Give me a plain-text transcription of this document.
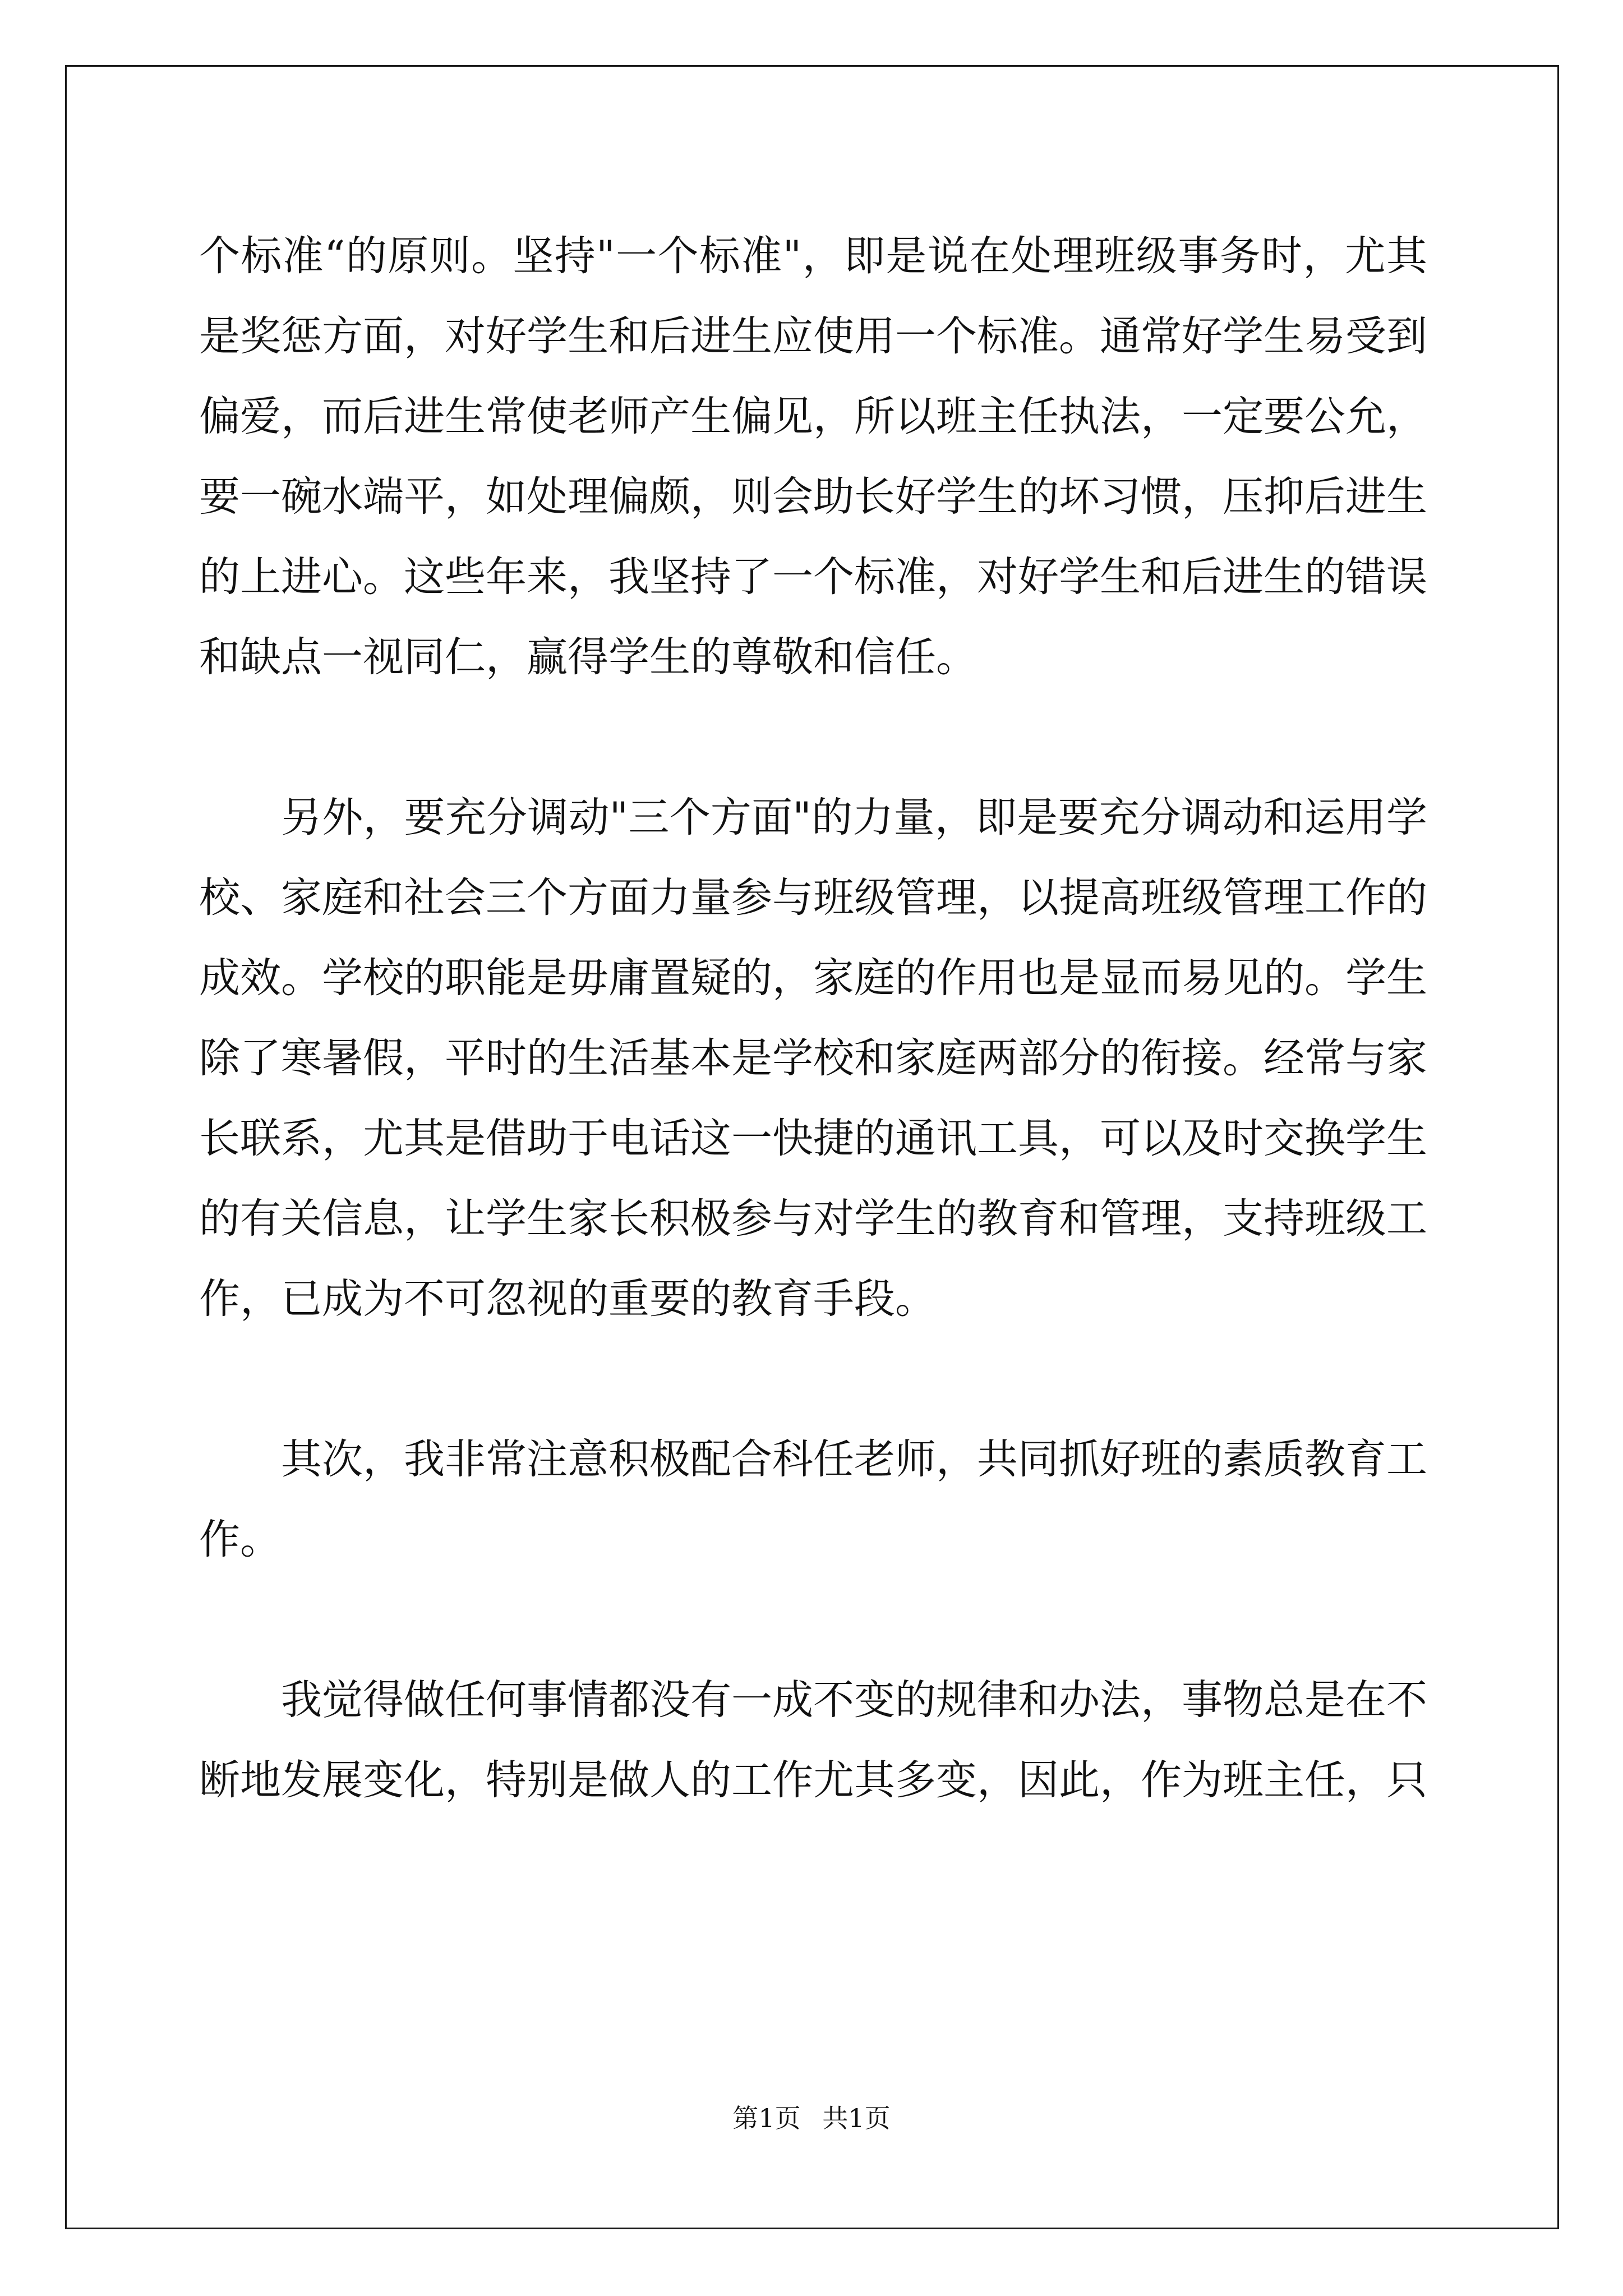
个标准“的原则。坚持"一个标准"，即是说在处理班级事务时，尤其
是奖惩方面，对好学生和后进生应使用一个标准。通常好学生易受到
偏爱，而后进生常使老师产生偏见，所以班主任执法，一定要公允，
要一碗水端平，如处理偏颇，则会助长好学生的坏习惯，压抑后进生
的上进心。这些年来，我坚持了一个标准，对好学生和后进生的错误
和缺点一视同仁，赢得学生的尊敬和信任。
另外，要充分调动"三个方面"的力量，即是要充分调动和运用学
校、家庭和社会三个方面力量参与班级管理，以提高班级管理工作的
成效。学校的职能是毋庸置疑的，家庭的作用也是显而易见的。学生
除了寒暑假，平时的生活基本是学校和家庭两部分的衔接。经常与家
长联系，尤其是借助于电话这一快捷的通讯工具，可以及时交换学生
的有关信息，让学生家长积极参与对学生的教育和管理，支持班级工
作，已成为不可忽视的重要的教育手段。
其次，我非常注意积极配合科任老师，共同抓好班的素质教育工
作。
我觉得做任何事情都没有一成不变的规律和办法，事物总是在不
断地发展变化，特别是做人的工作尤其多变，因此，作为班主任，只
第1页 共1页
